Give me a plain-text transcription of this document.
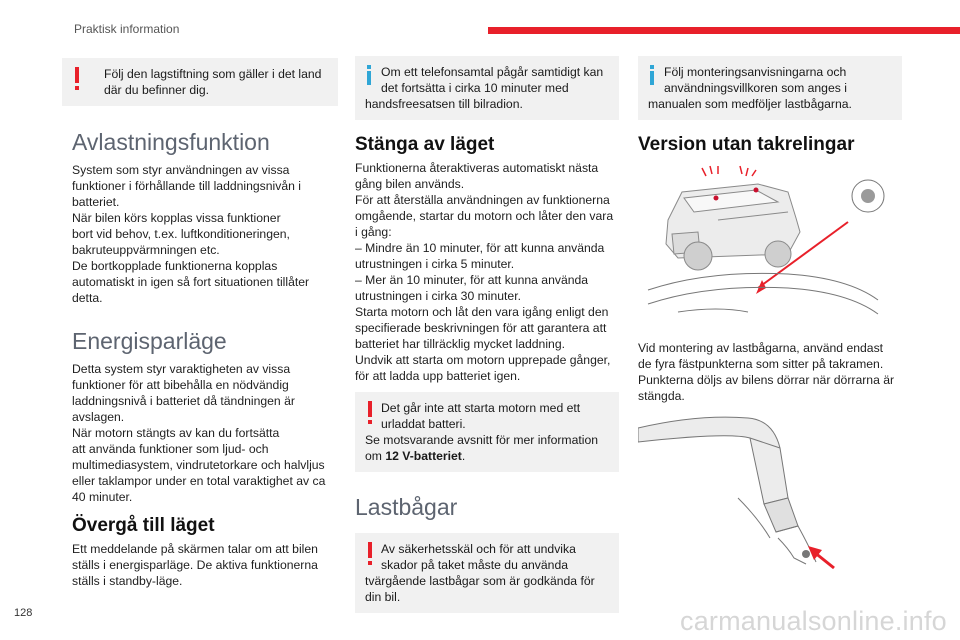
Praktisk information
Följ den lagstiftning som gäller i det land
där du befinner dig.
Avlastningsfunktion

System som styr användningen av vissa
funktioner i förhållande till laddningsnivån i
batteriet.
När bilen körs kopplas vissa funktioner
bort vid behov, t.ex. luftkonditioneringen,
bakruteuppvärmningen etc.
De bortkopplade funktionerna kopplas
automatiskt in igen så fort situationen tillåter
detta.

Energisparläge

Detta system styr varaktigheten av vissa
funktioner för att bibehålla en nödvändig
laddningsnivå i batteriet då tändningen är
avslagen.
När motorn stängts av kan du fortsätta
att använda funktioner som ljud- och
multimediasystem, vindrutetorkare och halvljus
eller taklampor under en total varaktighet av ca
40 minuter.

Övergå till läget

Ett meddelande på skärmen talar om att bilen
ställs i energisparläge. De aktiva funktionerna
ställs i standby-läge.

Om ett telefonsamtal pågår samtidigt kan
det fortsätta i cirka 10 minuter med
handsfreesatsen till bilradion.
Stänga av läget

Funktionerna återaktiveras automatiskt nästa
gång bilen används.
För att återställa användningen av funktionerna
omgående, startar du motorn och låter den vara
i gång:
– Mindre än 10 minuter, för att kunna använda
utrustningen i cirka 5 minuter.
– Mer än 10 minuter, för att kunna använda
utrustningen i cirka 30 minuter.
Starta motorn och låt den vara igång enligt den
specifierade beskrivningen för att garantera att
batteriet har tillräcklig mycket laddning.
Undvik att starta om motorn upprepade gånger,
för att ladda upp batteriet igen.

Det går inte att starta motorn med ett
urladdat batteri.
Se motsvarande avsnitt för mer information
om 12 V-batteriet.
Lastbågar
Av säkerhetsskäl och för att undvika
skador på taket måste du använda
tvärgående lastbågar som är godkända för
din bil.
Följ monteringsanvisningarna och
användningsvillkoren som anges i
manualen som medföljer lastbågarna.
Version utan takrelingar

Vid montering av lastbågarna, använd endast
de fyra fästpunkterna som sitter på takramen.
Punkterna döljs av bilens dörrar när dörrarna är
stängda.

128	carmanualsonline.info
